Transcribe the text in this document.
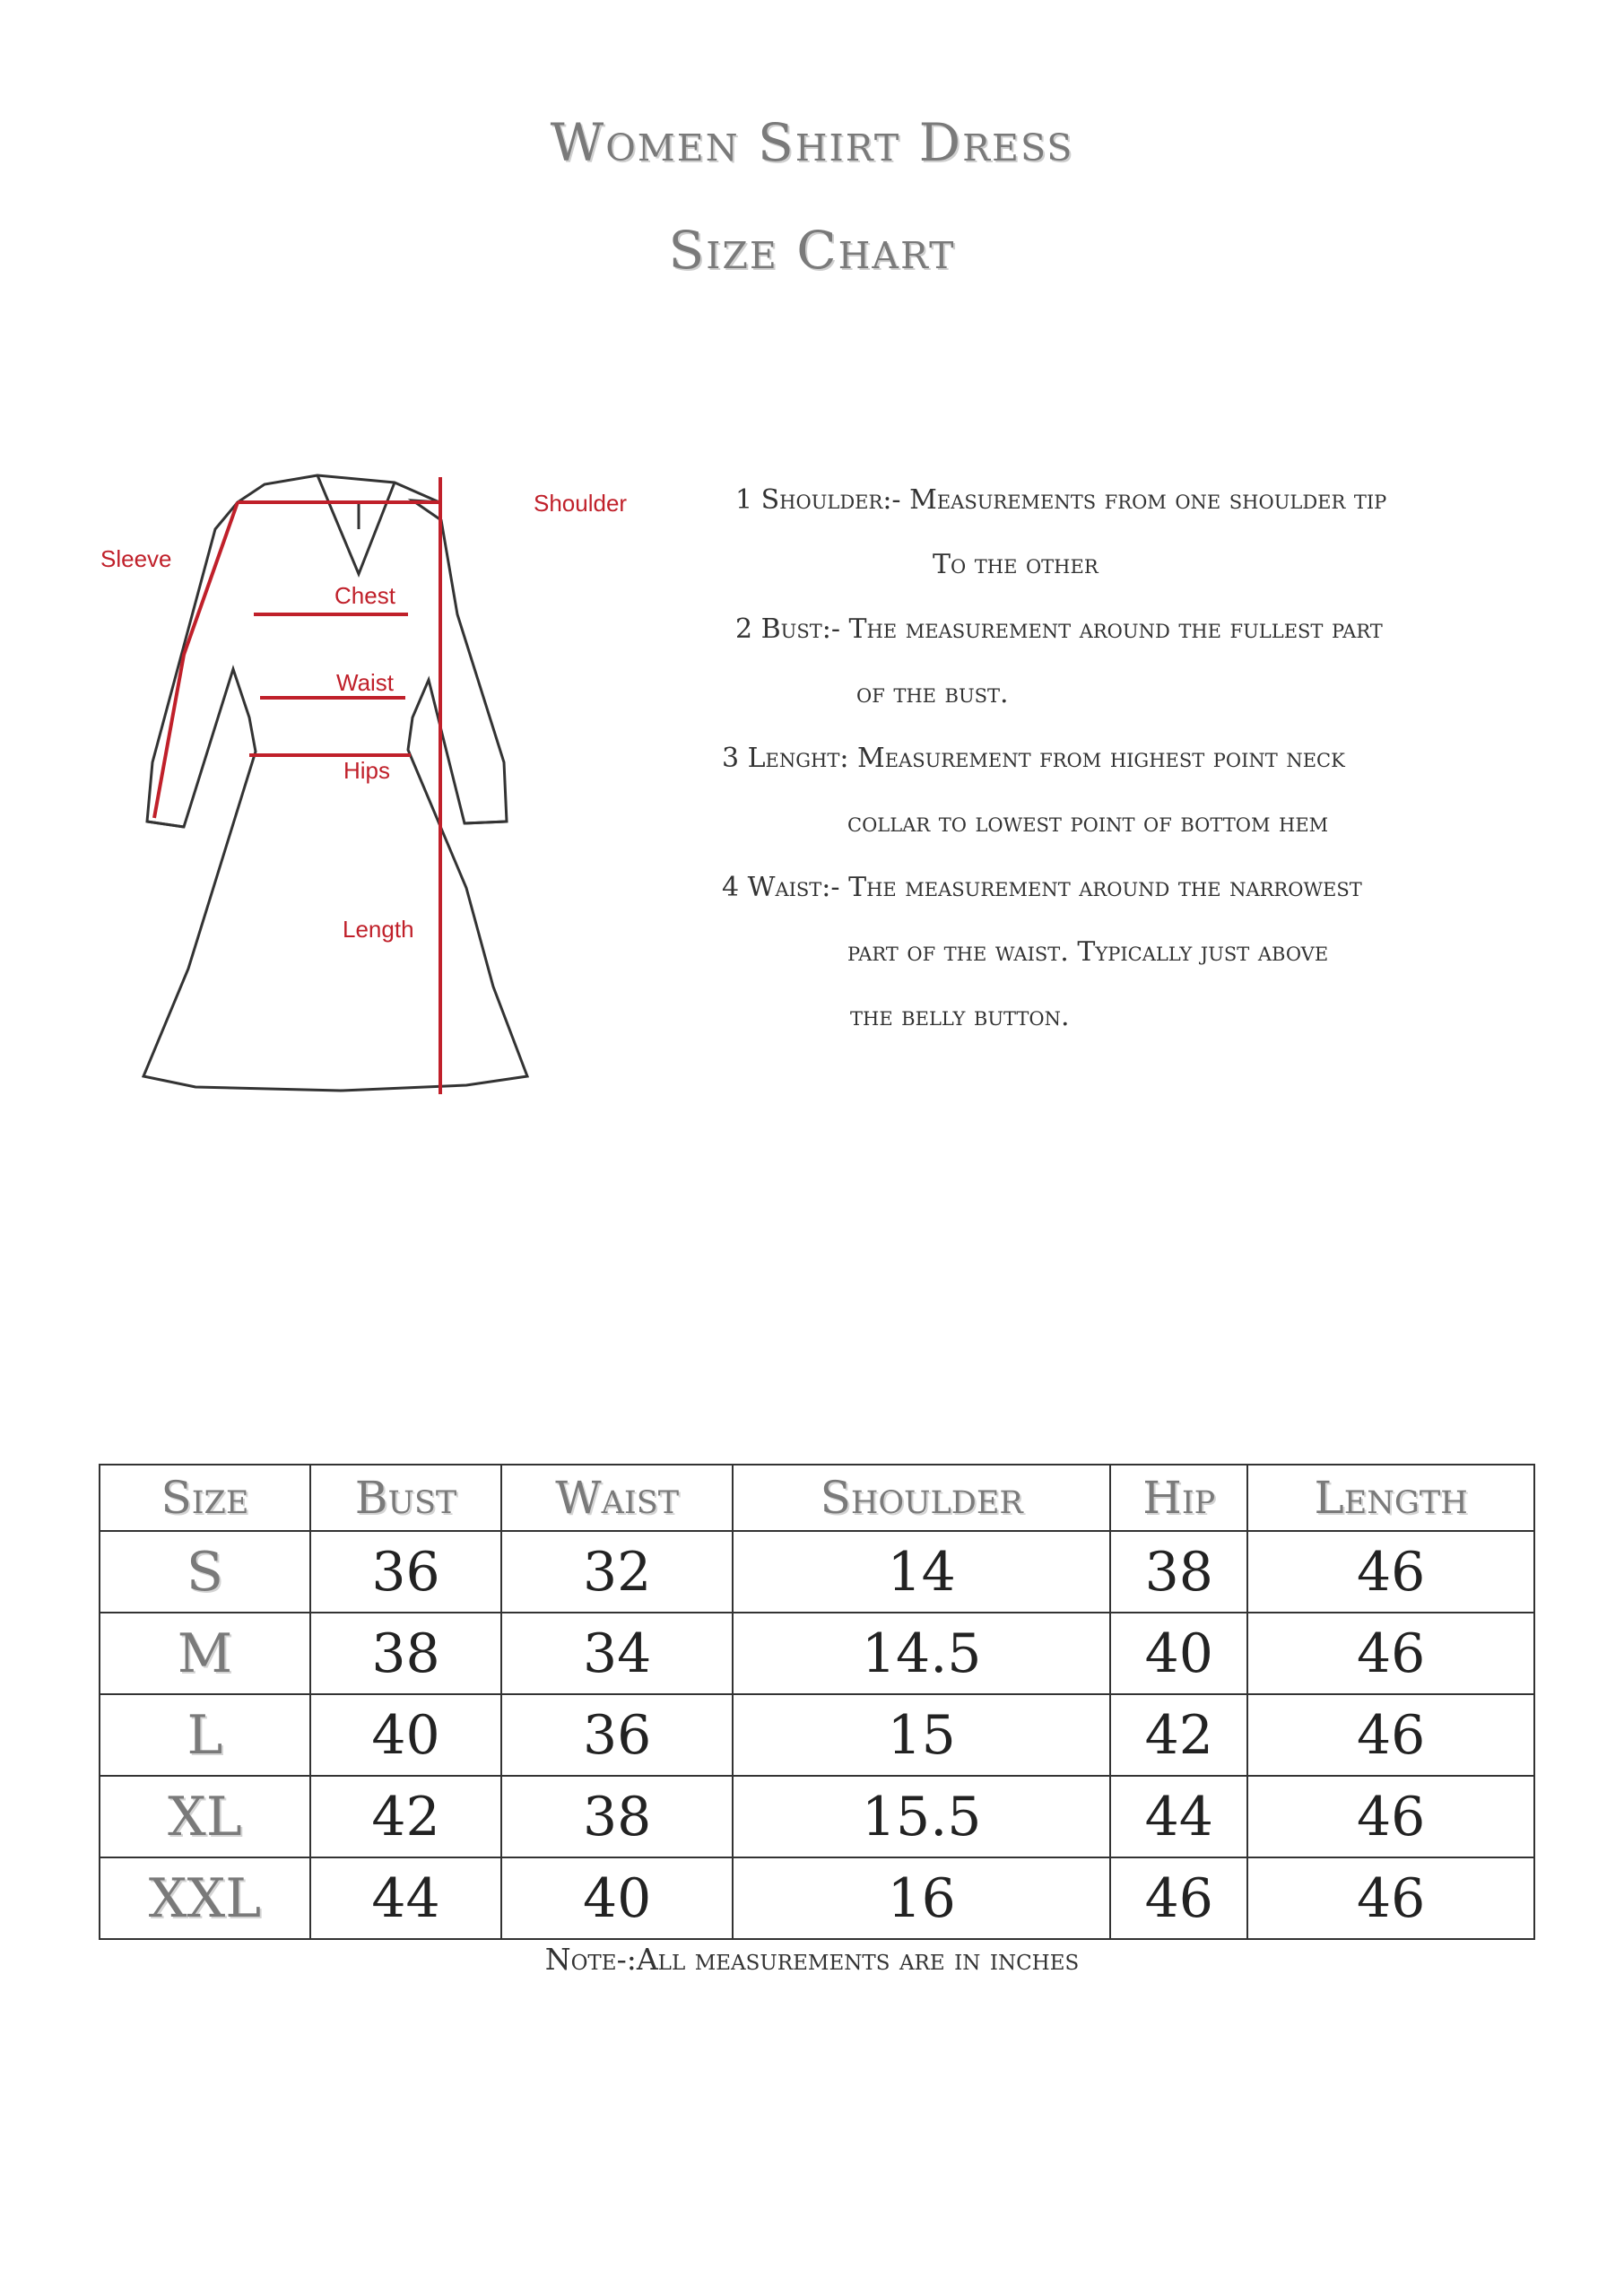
Women Shirt Dress
Size Chart
Shoulder
Sleeve
Chest
Waist
Hips
Length
1 Shoulder:- Measurements from one shoulder tip
To the other
2 Bust:- The measurement around the fullest part
of the bust.
3 Lenght: Measurement from highest point neck
collar to lowest point of bottom hem
4 Waist:- The measurement around the narrowest
part of the waist. Typically just above
the belly button.
Size	Bust	Waist	Shoulder	Hip	Length
S	36	32	14	38	46
M	38	34	14.5	40	46
L	40	36	15	42	46
XL	42	38	15.5	44	46
XXL	44	40	16	46	46
Note-:All measurements are in inches
